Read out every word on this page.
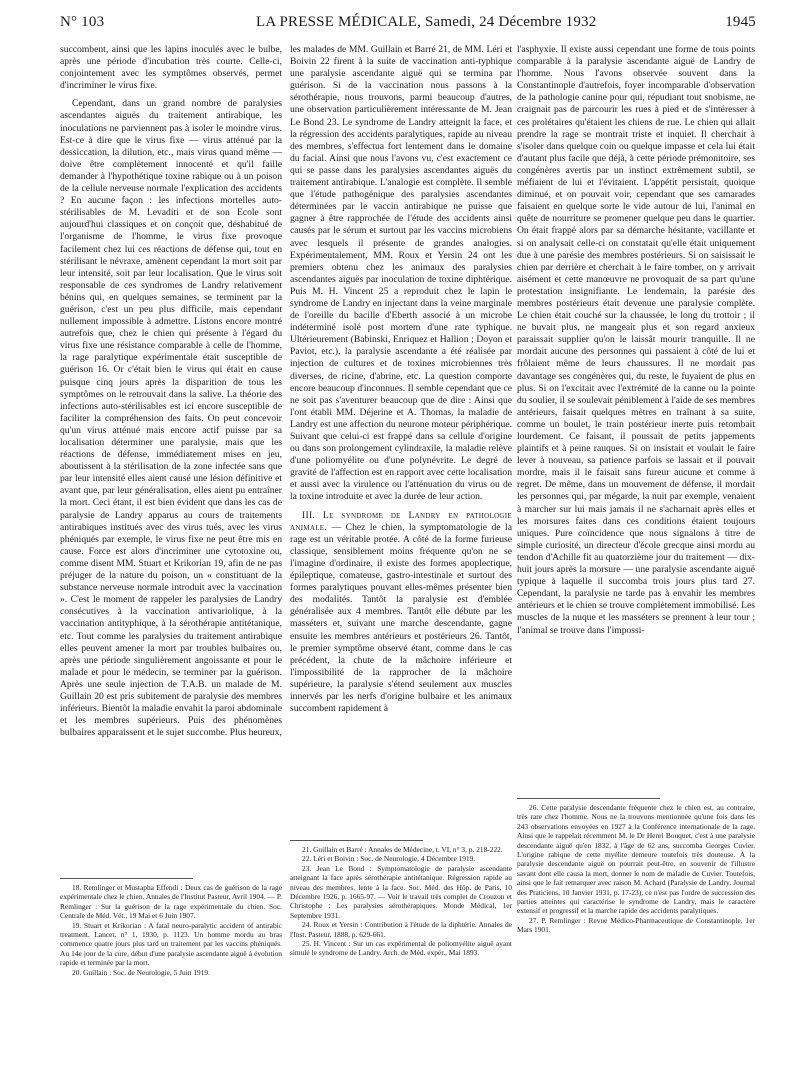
N° 103	LA PRESSE MÉDICALE, Samedi, 24 Décembre 1932	1945

succombent, ainsi que les lapins inoculés avec le bulbe, après une période d'incubation très courte. Celle-ci, conjointement avec les symptômes observés, permet d'incriminer le virus fixe.

Cependant, dans un grand nombre de paralysies ascendantes aiguës du traitement antirabique, les inoculations ne parviennent pas à isoler le moindre virus. Est-ce à dire que le virus fixe — virus atténué par la dessiccation, la dilution, etc., mais virus quand même — doive être complètement innocenté et qu'il faille demander à l'hypothétique toxine rabique ou à un poison de la cellule nerveuse normale l'explication des accidents ? En aucune façon : les infections mortelles auto-stérilisables de M. Levaditi et de son Ecole sont aujourd'hui classiques et on conçoit que, déshabitué de l'organisme de l'homme, le virus fixe provoque facilement chez lui ces réactions de défense qui, tout en stérilisant le névraxe, amènent cependant la mort soit par leur intensité, soit par leur localisation. Que le virus soit responsable de ces syndromes de Landry relativement bénins qui, en quelques semaines, se terminent par la guérison, c'est un peu plus difficile, mais cependant nullement impossible à admettre. Listons encore montré autrefois que, chez le chien qui présente à l'égard du virus fixe une résistance comparable à celle de l'homme, la rage paralytique expérimentale était susceptible de guérison 16. Or c'était bien le virus qui était en cause puisque cinq jours après la disparition de tous les symptômes on le retrouvait dans la salive. La théorie des infections auto-stérilisables est ici encore susceptible de faciliter la compréhension des faits. On peut concevoir qu'un virus atténué mais encore actif puisse par sa localisation déterminer une paralysie, mais que les réactions de défense, immédiatement mises en jeu, aboutissent à la stérilisation de la zone infectée sans que par leur intensité elles aient causé une lésion définitive et avant que, par leur généralisation, elles aient pu entraîner la mort. Ceci étant, il est bien évident que dans les cas de paralysie de Landry apparus au cours de traitements antirabiques institués avec des virus tués, avec les virus phéniqués par exemple, le virus fixe ne peut être mis en cause. Force est alors d'incriminer une cytotoxine ou, comme disent MM. Stuart et Krikorian 19, afin de ne pas préjuger de la nature du poison, un « constituant de la substance nerveuse normale introduit avec la vaccination ». C'est le moment de rappeler les paralysies de Landry consécutives à la vaccination antivariolique, à la vaccination antityphique, à la sérothérapie antitétanique, etc. Tout comme les paralysies du traitement antirabique elles peuvent amener la mort par troubles bulbaires ou, après une période singulièrement angoissante et pour le malade et pour le médecin, se terminer par la guérison. Après une seule injection de T.A.B. un malade de M. Guillain 20 est pris subitement de paralysie des membres inférieurs. Bientôt la maladie envahit la paroi abdominale et les membres supérieurs. Puis des phénomènes bulbaires apparaissent et le sujet succombe. Plus heureux,

18. Remlinger et Mustapha Effendi : Deux cas de guérison de la rage expérimentale chez le chien. Annales de l'Institut Pasteur, Avril 1904. — P. Remlinger : Sur la guérison de la rage expérimentale du chien. Soc. Centrale de Méd. Vét., 19 Mai et 6 Juin 1907.

19. Stuart et Krikorian : A fatal neuro-paralytic accident of antirabic treatment. Lancet, n° 1, 1930, p. 1123. Un homme mordu au bras commence quatre jours plus tard un traitement par les vaccins phéniqués. Au 14e jour de la cure, début d'une paralysie ascendante aiguë à évolution rapide et terminée par la mort.

20. Guillain : Soc. de Neurologie, 5 Juin 1919.

les malades de MM. Guillain et Barré 21, de MM. Léri et Boivin 22 firent à la suite de vaccination anti-typhique une paralysie ascendante aiguë qui se termina par guérison. Si de la vaccination nous passons à la sérothérapie, nous trouvons, parmi beaucoup d'autres, une observation particulièrement intéressante de M. Jean Le Bond 23. Le syndrome de Landry atteignit la face, et la régression des accidents paralytiques, rapide au niveau des membres, s'effectua fort lentement dans le domaine du facial. Ainsi que nous l'avons vu, c'est exactement ce qui se passe dans les paralysies ascendantes aiguës du traitement antirabique. L'analogie est complète. Il semble que l'étude pathogénique des paralysies ascendantes déterminées par le vaccin antirabique ne puisse que gagner à être rapprochée de l'étude des accidents ainsi causés par le sérum et surtout par les vaccins microbiens avec lesquels il présente de grandes analogies. Expérimentalement, MM. Roux et Yersin 24 ont les premiers obtenu chez les animaux des paralysies ascendantes aiguës par inoculation de toxine diphtérique. Puis M. H. Vincent 25 a reproduit chez le lapin le syndrome de Landry en injectant dans la veine marginale de l'oreille du bacille d'Eberth associé à un microbe indéterminé isolé post mortem d'une rate typhique. Ultérieurement (Babinski, Enriquez et Hallion ; Doyon et Paviot, etc.), la paralysie ascendante a été réalisée par injection de cultures et de toxines microbiennes très diverses, de ricine, d'abrine, etc. La question comporte encore beaucoup d'inconnues. Il semble cependant que ce ne soit pas s'aventurer beaucoup que de dire : Ainsi que l'ont établi MM. Déjerine et A. Thomas, la maladie de Landry est une affection du neurone moteur périphérique. Suivant que celui-ci est frappé dans sa cellule d'origine ou dans son prolongement cylindraxile, la maladie relève d'une poliomyélite ou d'une polynévrite. Le degré de gravité de l'affection est en rapport avec cette localisation et aussi avec la virulence ou l'atténuation du virus ou de la toxine introduite et avec la durée de leur action.

III. Le syndrome de Landry en pathologie animale. — Chez le chien, la symptomatologie de la rage est un véritable protée. A côté de la forme furieuse classique, sensiblement moins fréquente qu'on ne se l'imagine d'ordinaire, il existe des formes apoplectique, épileptique, comateuse, gastro-intestinale et surtout des formes paralytiques pouvant elles-mêmes présenter bien des modalités. Tantôt la paralysie est d'emblée généralisée aux 4 membres. Tantôt elle débute par les masséters et, suivant une marche descendante, gagne ensuite les membres antérieurs et postérieurs 26. Tantôt, le premier symptôme observé étant, comme dans le cas précédent, la chute de la mâchoire inférieure et l'impossibilité de la rapprocher de la mâchoire supérieure, la paralysie s'étend seulement aux muscles innervés par les nerfs d'origine bulbaire et les animaux succombent rapidement à

21. Guillain et Barré : Annales de Médecine, t. VI, n° 3, p. 218-222.

22. Léri et Boivin : Soc. de Neurologie, 4 Décembre 1919.

23. Jean Le Bond : Symptomatologie de paralysie ascendante atteignant la face après sérothérapie antitétanique. Régression rapide au niveau des membres, lente à la face. Soc. Méd. des Hôp. de Paris, 10 Décembre 1926, p. 1665-97. — Voir le travail très complet de Crouzon et Christophe : Les paralysies sérothérapiques. Monde Médical, 1er Septembre 1931.

24. Roux et Yersin : Contribution à l'étude de la diphtérie. Annales de l'Inst. Pasteur, 1888, p. 629-661.

25. H. Vincent : Sur un cas expérimental de poliomyélite aiguë ayant simulé le syndrome de Landry. Arch. de Méd. expér., Mai 1893.

l'asphyxie. Il existe aussi cependant une forme de tous points comparable à la paralysie ascendante aiguë de Landry de l'homme. Nous l'avons observée souvent dans la Constantinople d'autrefois, foyer incomparable d'observation de la pathologie canine pour qui, répudiant tout snobisme, ne craignait pas de parcourir les rues à pied et de s'intéresser à ces prolétaires qu'étaient les chiens de rue. Le chien qui allait prendre la rage se montrait triste et inquiet. Il cherchait à s'isoler dans quelque coin ou quelque impasse et cela lui était d'autant plus facile que déjà, à cette période prémonitoire, ses congénères avertis par un instinct extrêmement subtil, se méfiaient de lui et l'évitaient. L'appétit persistait, quoique diminué, et on pouvait voir, cependant que ses camarades faisaient en quelque sorte le vide autour de lui, l'animal en quête de nourriture se promener quelque peu dans le quartier. On était frappé alors par sa démarche hésitante, vacillante et si on analysait celle-ci on constatait qu'elle était uniquement due à une parésie des membres postérieurs. Si on saisissait le chien par derrière et cherchait à le faire tomber, on y arrivait aisément et cette manœuvre ne provoquait de sa part qu'une protestation insignifiante. Le lendemain, la parésie des membres postérieurs était devenue une paralysie complète. Le chien était couché sur la chaussée, le long du trottoir ; il ne buvait plus, ne mangeait plus et son regard anxieux paraissait supplier qu'on le laissât mourir tranquille. Il ne mordait aucune des personnes qui passaient à côté de lui et frôlaient même de leurs chaussures. Il ne mordait pas davantage ses congénères qui, du reste, le fuyaient de plus en plus. Si on l'excitait avec l'extrémité de la canne ou la pointe du soulier, il se soulevait péniblement à l'aide de ses membres antérieurs, faisait quelques mètres en traînant à sa suite, comme un boulet, le train postérieur inerte puis retombait lourdement. Ce faisant, il poussait de petits jappements plaintifs et à peine rauques. Si on insistait et voulait le faire lever à nouveau, sa patience parfois se lassait et il pouvait mordre, mais il le faisait sans fureur aucune et comme à regret. De même, dans un mouvement de défense, il mordait les personnes qui, par mégarde, la nuit par exemple, venaient à marcher sur lui mais jamais il ne s'acharnait après elles et les morsures faites dans ces conditions étaient toujours uniques. Pure coïncidence que nous signalons à titre de simple curiosité, un directeur d'école grecque ainsi mordu au tendon d'Achille fit au quatorzième jour du traitement — dix-huit jours après la morsure — une paralysie ascendante aiguë typique à laquelle il succomba trois jours plus tard 27. Cependant, la paralysie ne tarde pas à envahir les membres antérieurs et le chien se trouve complètement immobilisé. Les muscles de la nuque et les masséters se prennent à leur tour ; l'animal se trouve dans l'impossi-

26. Cette paralysie descendante fréquente chez le chien est, au contraire, très rare chez l'homme. Nous ne la trouvons mentionnée qu'une fois dans les 243 observations envoyées en 1927 à la Conférence internationale de la rage. Ainsi que le rappelait récemment M. le Dr Henri Bouquet, c'est à une paralysie descendante aiguë qu'en 1832, à l'âge de 62 ans, succomba Georges Cuvier. L'origine rabique de cette myélite demeure toutefois très douteuse. À la paralysie descendante aiguë on pourrait peut-être, en souvenir de l'illustre savant dont elle causa la mort, donner le nom de maladie de Cuvier. Toutefois, ainsi que le fait remarquer avec raison M. Achard (Paralysie de Landry, Journal des Praticiens, 10 Janvier 1931, p. 17-23), ce n'est pas l'ordre de succession des parties atteintes qui caractérise le syndrome de Landry, mais le caractère extensif et progressif et la marche rapide des accidents paralytiques.

27. P. Remlinger : Revue Médico-Pharmaceutique de Constantinople, 1er Mars 1901.
